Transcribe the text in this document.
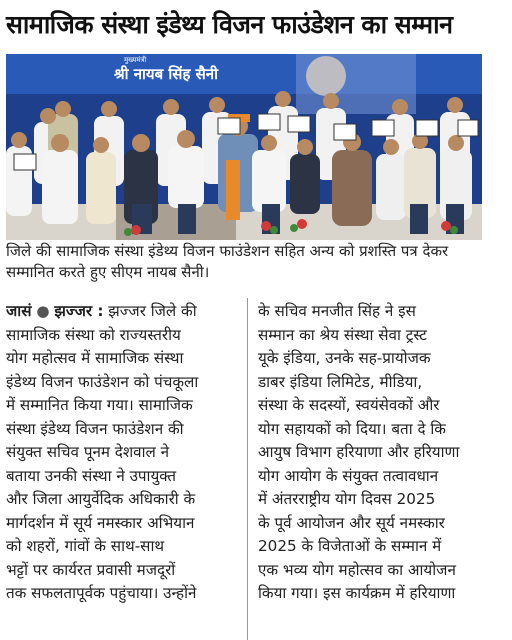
सामाजिक संस्था इंडेथ्य विजन फाउंडेशन का सम्मान
मुख्यमंत्री
श्री नायब सिंह सैनी
जिले की सामाजिक संस्था इंडेथ्य विजन फाउंडेशन सहित अन्य को प्रशस्ति पत्र देकर सम्मानित करते हुए सीएम नायब सैनी।
जासं ● झज्जर : झज्जर जिले की
सामाजिक संस्था को राज्यस्तरीय
योग महोत्सव में सामाजिक संस्था
इंडेथ्य विजन फाउंडेशन को पंचकूला
में सम्मानित किया गया। सामाजिक
संस्था इंडेथ्य विजन फाउंडेशन की
संयुक्त सचिव पूनम देशवाल ने
बताया उनकी संस्था ने उपायुक्त
और जिला आयुर्वेदिक अधिकारी के
मार्गदर्शन में सूर्य नमस्कार अभियान
को शहरों, गांवों के साथ-साथ
भट्टों पर कार्यरत प्रवासी मजदूरों
तक सफलतापूर्वक पहुंचाया। उन्होंने
के सचिव मनजीत सिंह ने इस
सम्मान का श्रेय संस्था सेवा ट्रस्ट
यूके इंडिया, उनके सह-प्रायोजक
डाबर इंडिया लिमिटेड, मीडिया,
संस्था के सदस्यों, स्वयंसेवकों और
योग सहायकों को दिया। बता दे कि
आयुष विभाग हरियाणा और हरियाणा
योग आयोग के संयुक्त तत्वावधान
में अंतरराष्ट्रीय योग दिवस 2025
के पूर्व आयोजन और सूर्य नमस्कार
2025 के विजेताओं के सम्मान में
एक भव्य योग महोत्सव का आयोजन
किया गया। इस कार्यक्रम में हरियाणा
